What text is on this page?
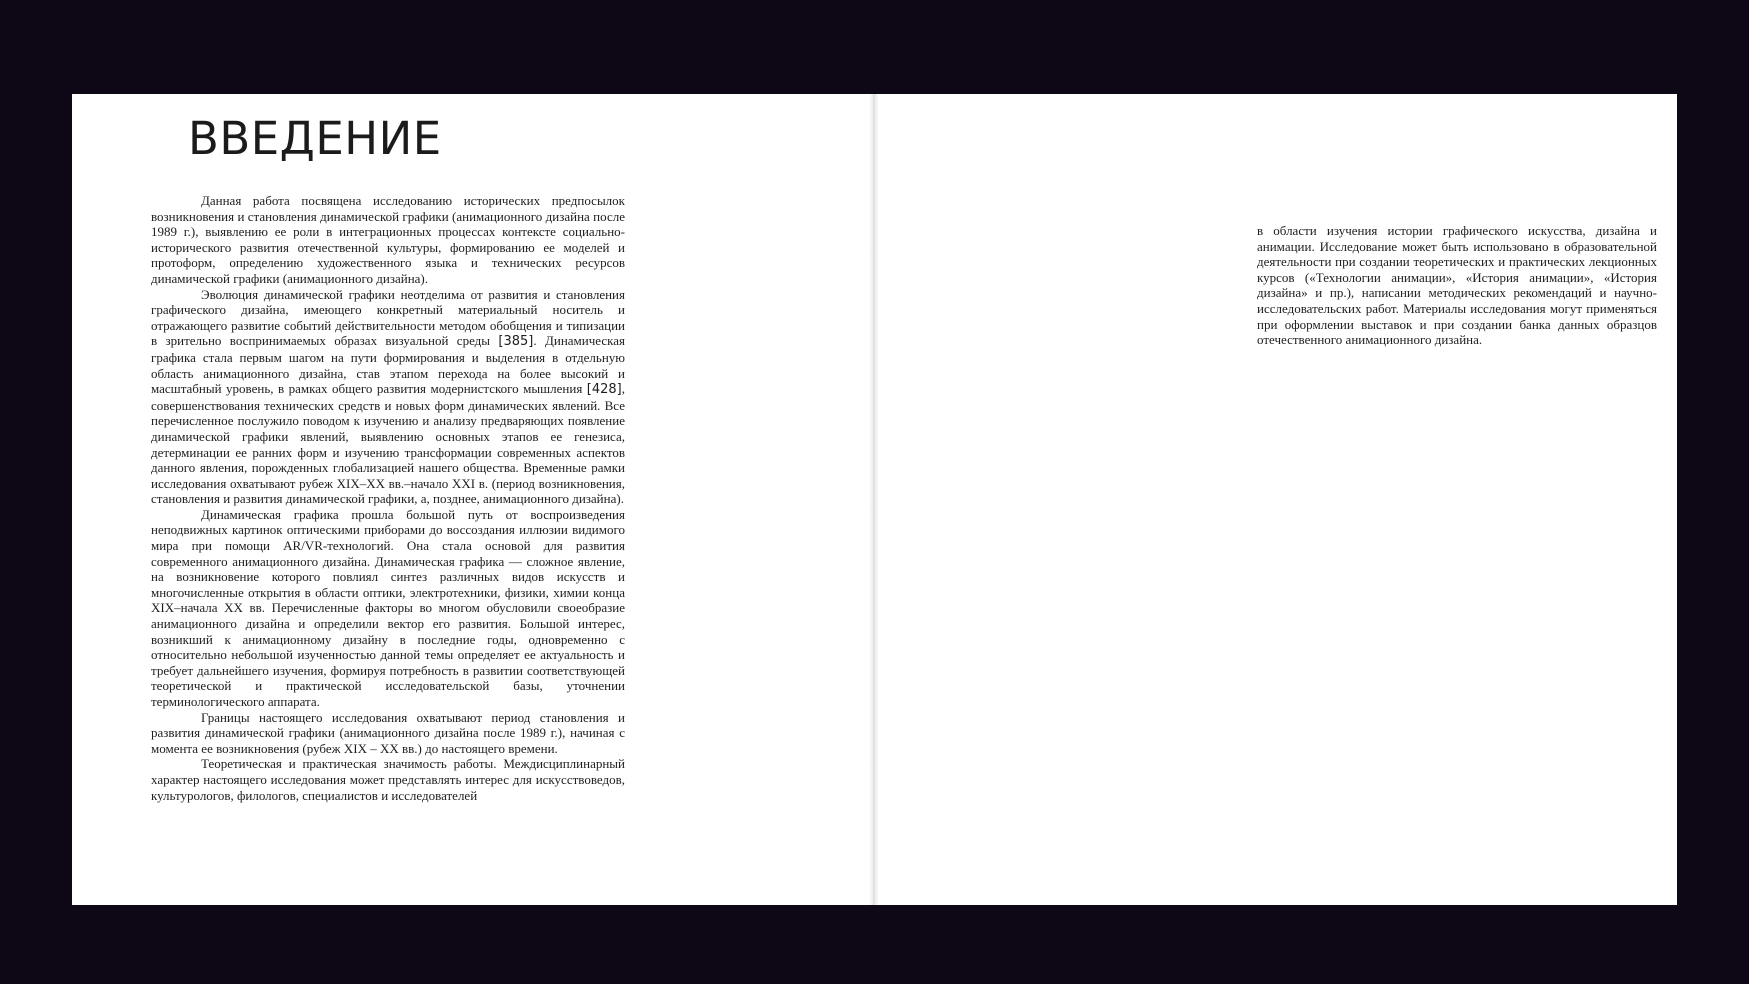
ВВЕДЕНИЕ

Данная работа посвящена исследованию исторических предпосылок возникновения и становления динамической графики (анимационного дизайна после 1989 г.), выявлению ее роли в интеграционных процессах контексте социально-исторического развития отечественной культуры, формированию ее моделей и протоформ, определению художественного языка и технических ресурсов динамической графики (анимационного дизайна).

Эволюция динамической графики неотделима от развития и становления графического дизайна, имеющего конкретный материальный носитель и отражающего развитие событий действительности методом обобщения и типизации в зрительно воспринимаемых образах визуальной среды [385]. Динамическая графика стала первым шагом на пути формирования и выделения в отдельную область анимационного дизайна, став этапом перехода на более высокий и масштабный уровень, в рамках общего развития модернистского мышления [428], совершенствования технических средств и новых форм динамических явлений. Все перечисленное послужило поводом к изучению и анализу предваряющих появление динамической графики явлений, выявлению основных этапов ее генезиса, детерминации ее ранних форм и изучению трансформации современных аспектов данного явления, порожденных глобализацией нашего общества. Временные рамки исследования охватывают рубеж XIX–XX вв.–начало XXI в. (период возникновения, становления и развития динамической графики, а, позднее, анимационного дизайна).

Динамическая графика прошла большой путь от воспроизведения неподвижных картинок оптическими приборами до воссоздания иллюзии видимого мира при помощи AR/VR-технологий. Она стала основой для развития современного анимационного дизайна. Динамическая графика — сложное явление, на возникновение которого повлиял синтез различных видов искусств и многочисленные открытия в области оптики, электротехники, физики, химии конца XIX–начала XX вв. Перечисленные факторы во многом обусловили своеобразие анимационного дизайна и определили вектор его развития. Большой интерес, возникший к анимационному дизайну в последние годы, одновременно с относительно небольшой изученностью данной темы определяет ее актуальность и требует дальнейшего изучения, формируя потребность в развитии соответствующей теоретической и практической исследовательской базы, уточнении терминологического аппарата.

Границы настоящего исследования охватывают период становления и развития динамической графики (анимационного дизайна после 1989 г.), начиная с момента ее возникновения (рубеж XIX – XX вв.) до настоящего времени.

Теоретическая и практическая значимость работы. Междисциплинарный характер настоящего исследования может представлять интерес для искусствоведов, культурологов, филологов, специалистов и исследователей

в области изучения истории графического искусства, дизайна и анимации. Исследование может быть использовано в образовательной деятельности при создании теоретических и практических лекционных курсов («Технологии анимации», «История анимации», «История дизайна» и пр.), написании методических рекомендаций и научно-исследовательских работ. Материалы исследования могут применяться при оформлении выставок и при создании банка данных образцов отечественного анимационного дизайна.
